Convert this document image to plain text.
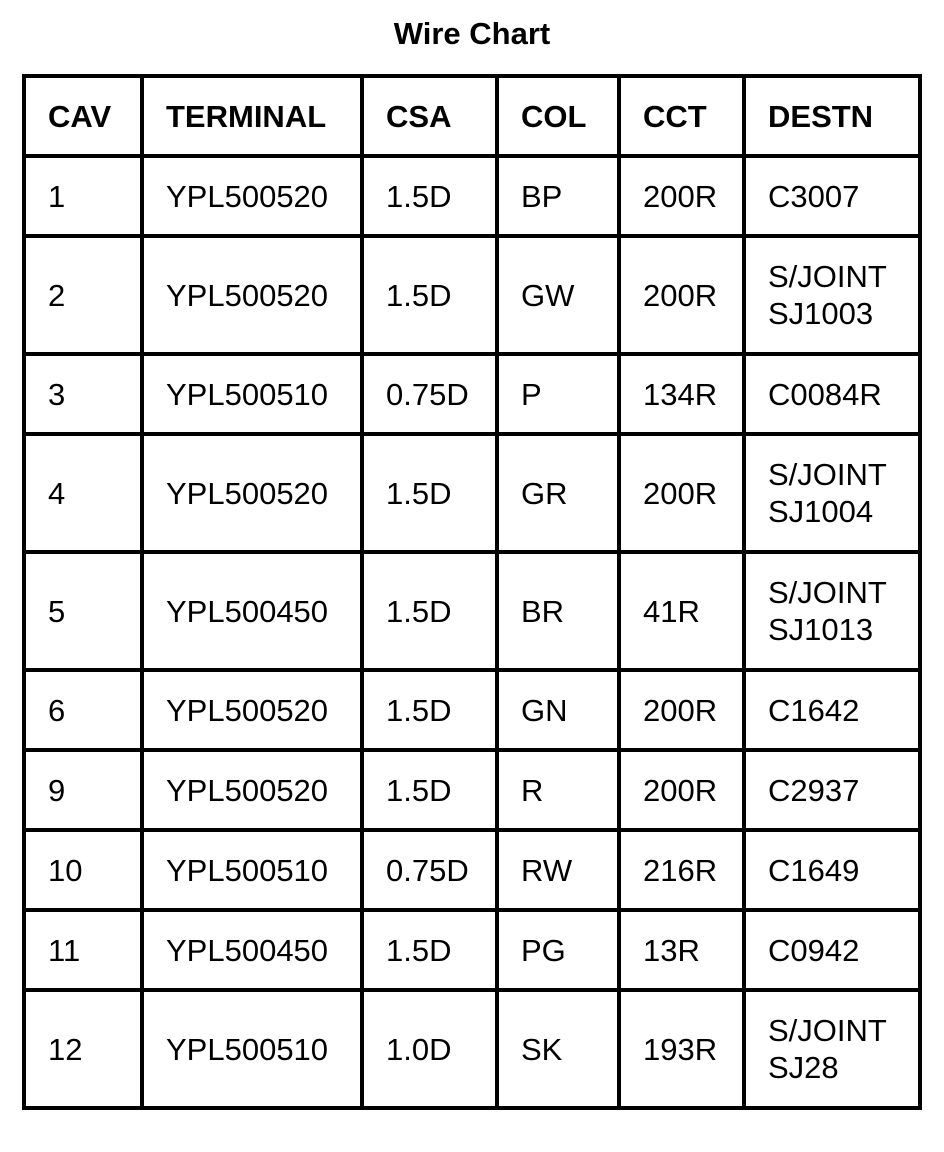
Wire Chart
CAV	TERMINAL	CSA	COL	CCT	DESTN
1	YPL500520	1.5D	BP	200R	C3007
2	YPL500520	1.5D	GW	200R	S/JOINT
SJ1003
3	YPL500510	0.75D	P	134R	C0084R
4	YPL500520	1.5D	GR	200R	S/JOINT
SJ1004
5	YPL500450	1.5D	BR	41R	S/JOINT
SJ1013
6	YPL500520	1.5D	GN	200R	C1642
9	YPL500520	1.5D	R	200R	C2937
10	YPL500510	0.75D	RW	216R	C1649
11	YPL500450	1.5D	PG	13R	C0942
12	YPL500510	1.0D	SK	193R	S/JOINT
SJ28
